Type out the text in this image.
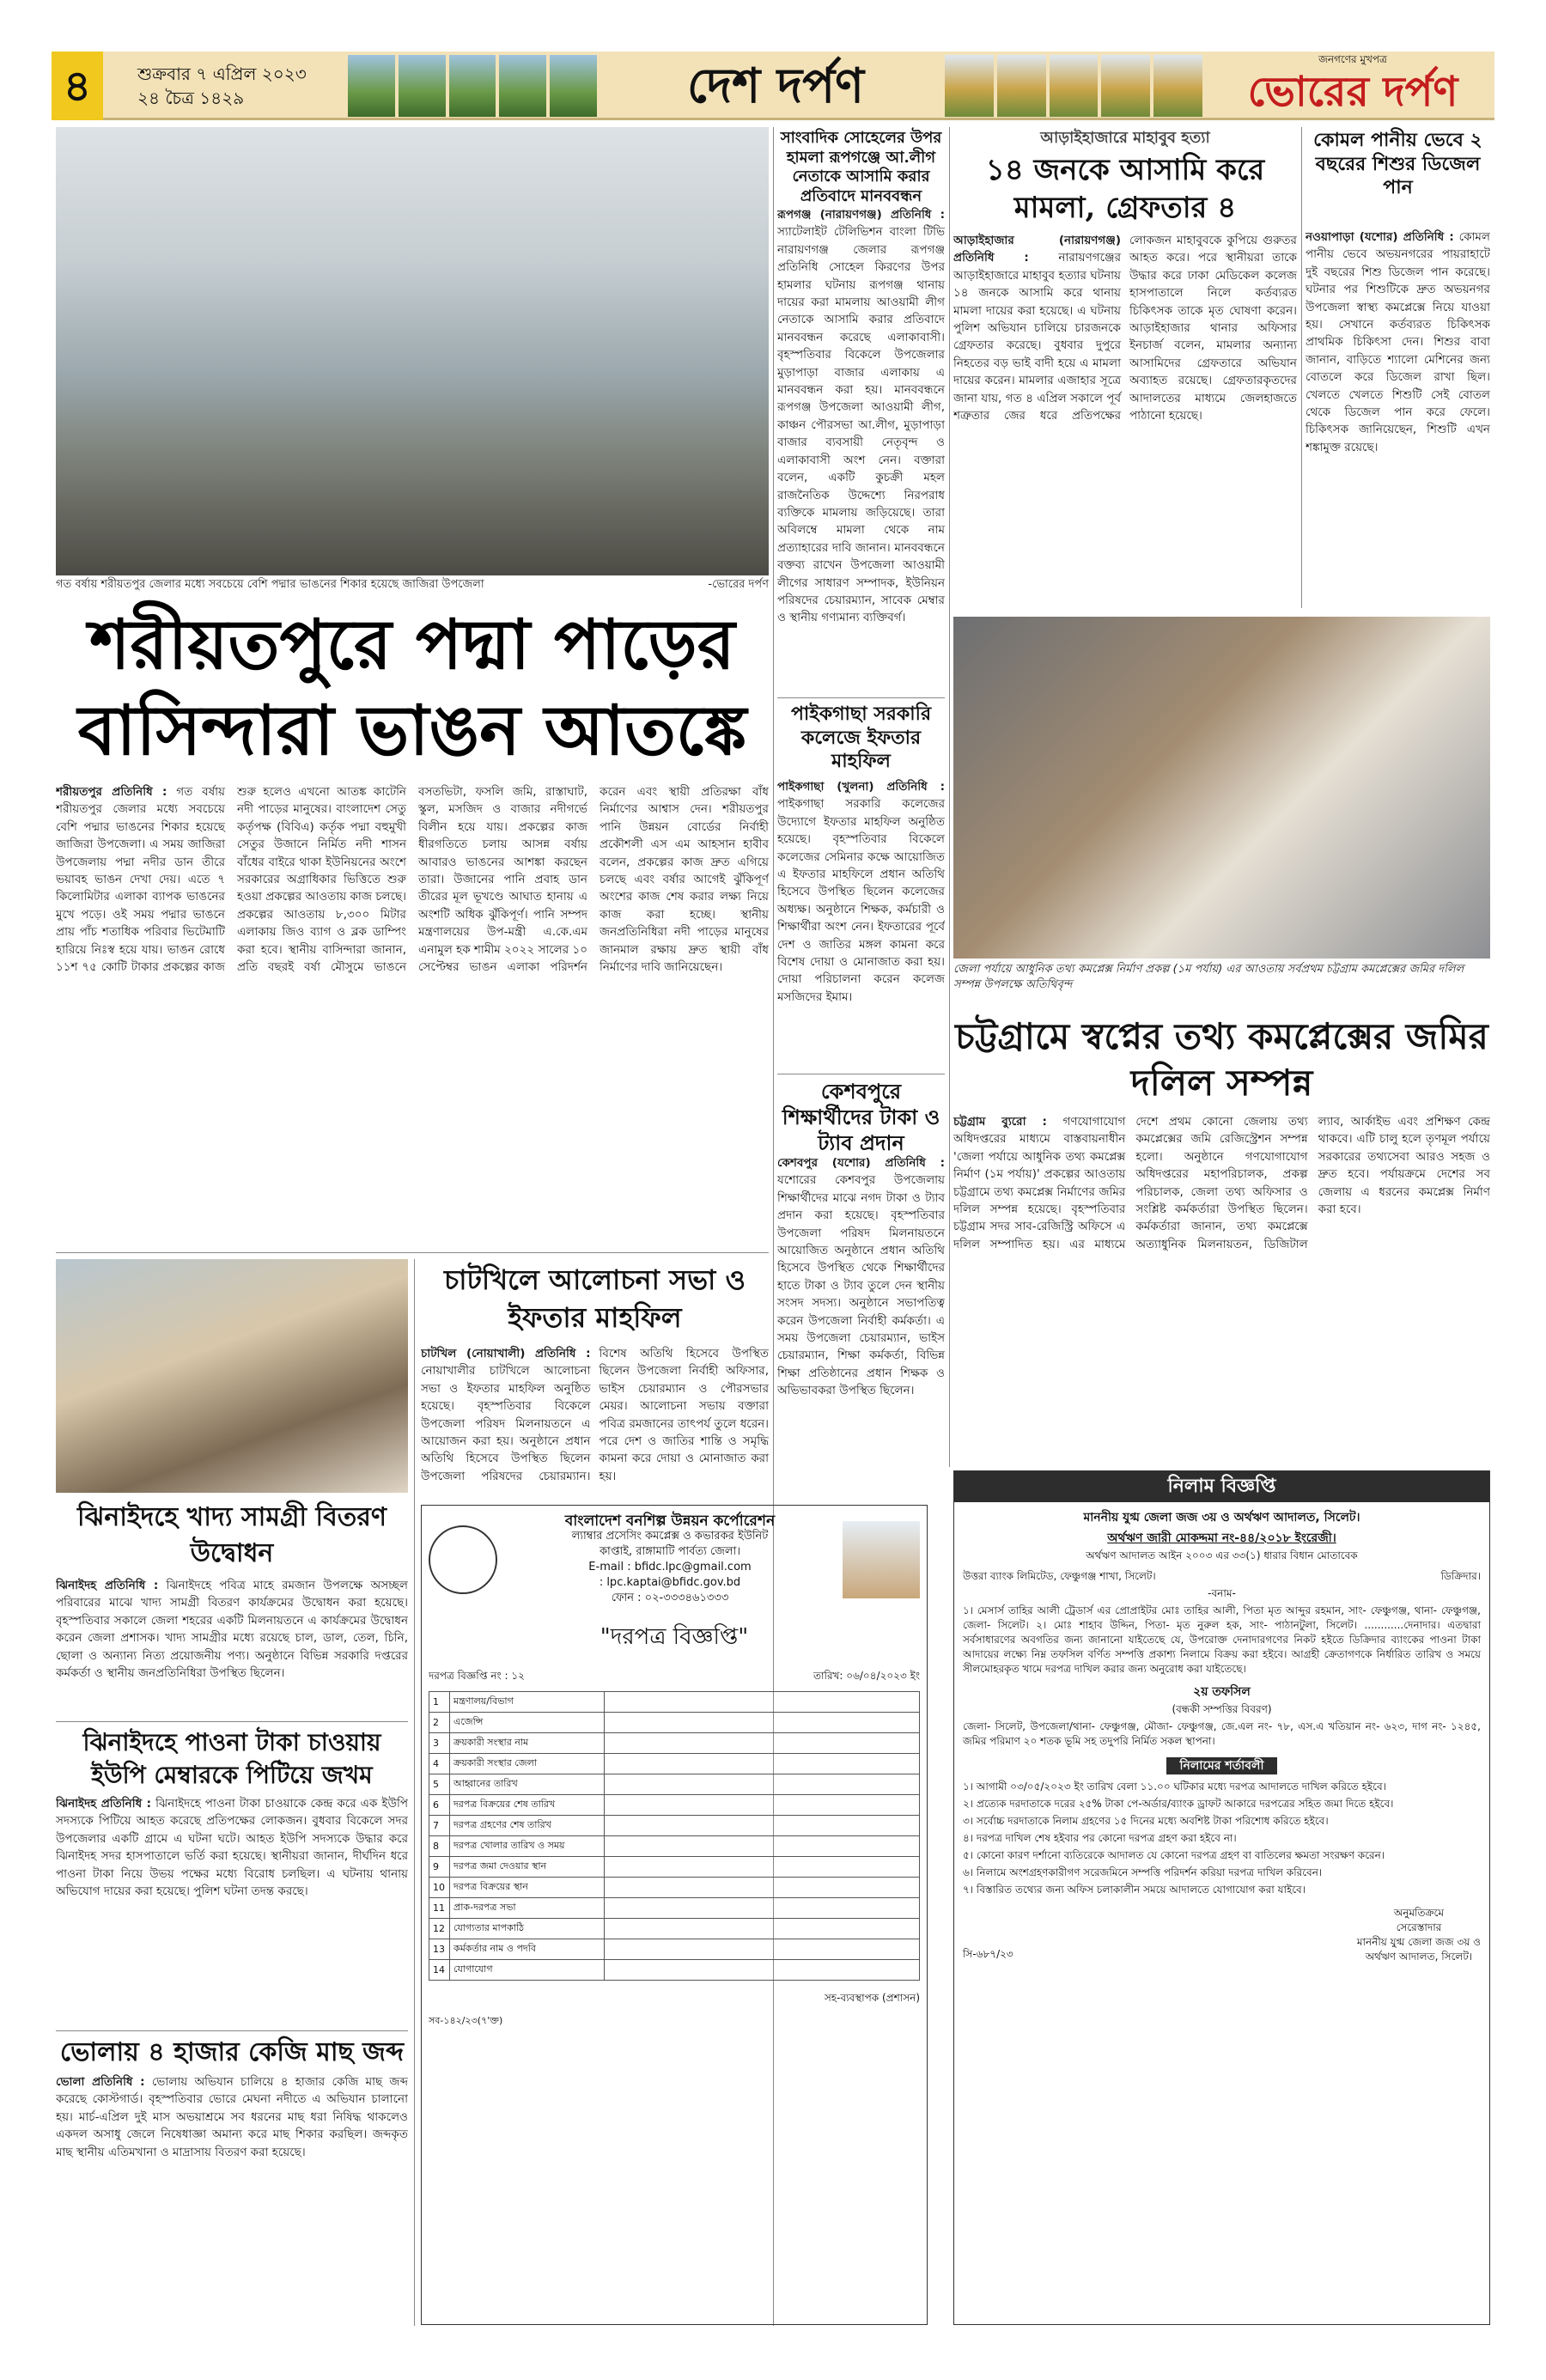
৪	শুক্রবার ৭ এপ্রিল ২০২৩
২৪ চৈত্র ১৪২৯	দেশ দর্পণ	জনগণের মুখপত্র
ভোরের দর্পণ
গত বর্ষায় শরীয়তপুর জেলার মধ্যে সবচেয়ে বেশি পদ্মার ভাঙনের শিকার হয়েছে জাজিরা উপজেলা	-ভোরের দর্পণ
শরীয়তপুরে পদ্মা পাড়ের
বাসিন্দারা ভাঙন আতঙ্কে
শরীয়তপুর প্রতিনিধি : গত বর্ষায় শরীয়তপুর জেলার মধ্যে সবচেয়ে বেশি পদ্মার ভাঙনের শিকার হয়েছে জাজিরা উপজেলা। এ সময় জাজিরা উপজেলায় পদ্মা নদীর ডান তীরে ভয়াবহ ভাঙন দেখা দেয়। এতে ৭ কিলোমিটার এলাকা ব্যাপক ভাঙনের মুখে পড়ে। ওই সময় পদ্মার ভাঙনে প্রায় পাঁচ শতাধিক পরিবার ভিটেমাটি হারিয়ে নিঃস্ব হয়ে যায়। ভাঙন রোধে ১১শ ৭৫ কোটি টাকার প্রকল্পের কাজ শুরু হলেও এখনো আতঙ্ক কাটেনি নদী পাড়ের মানুষের। বাংলাদেশ সেতু কর্তৃপক্ষ (বিবিএ) কর্তৃক পদ্মা বহুমুখী সেতুর উজানে নির্মিত নদী শাসন বাঁধের বাইরে থাকা ইউনিয়নের অংশে সরকারের অগ্রাধিকার ভিত্তিতে শুরু হওয়া প্রকল্পের আওতায় কাজ চলছে। প্রকল্পের আওতায় ৮,৩০০ মিটার এলাকায় জিও ব্যাগ ও ব্লক ডাম্পিং করা হবে। স্থানীয় বাসিন্দারা জানান, প্রতি বছরই বর্ষা মৌসুমে ভাঙনে বসতভিটা, ফসলি জমি, রাস্তাঘাট, স্কুল, মসজিদ ও বাজার নদীগর্ভে বিলীন হয়ে যায়। প্রকল্পের কাজ ধীরগতিতে চলায় আসন্ন বর্ষায় আবারও ভাঙনের আশঙ্কা করছেন তারা। উজানের পানি প্রবাহ ডান তীরের মূল ভূখণ্ডে আঘাত হানায় এ অংশটি অধিক ঝুঁকিপূর্ণ। পানি সম্পদ মন্ত্রণালয়ের উপ-মন্ত্রী এ.কে.এম এনামুল হক শামীম ২০২২ সালের ১০ সেপ্টেম্বর ভাঙন এলাকা পরিদর্শন করেন এবং স্থায়ী প্রতিরক্ষা বাঁধ নির্মাণের আশ্বাস দেন। শরীয়তপুর পানি উন্নয়ন বোর্ডের নির্বাহী প্রকৌশলী এস এম আহসান হাবীব বলেন, প্রকল্পের কাজ দ্রুত এগিয়ে চলছে এবং বর্ষার আগেই ঝুঁকিপূর্ণ অংশের কাজ শেষ করার লক্ষ্য নিয়ে কাজ করা হচ্ছে। স্থানীয় জনপ্রতিনিধিরা নদী পাড়ের মানুষের জানমাল রক্ষায় দ্রুত স্থায়ী বাঁধ নির্মাণের দাবি জানিয়েছেন।
সাংবাদিক সোহেলের উপর হামলা রূপগঞ্জে আ.লীগ নেতাকে আসামি করার প্রতিবাদে মানববন্ধন
রূপগঞ্জ (নারায়ণগঞ্জ) প্রতিনিধি : স্যাটেলাইট টেলিভিশন বাংলা টিভি নারায়ণগঞ্জ জেলার রূপগঞ্জ প্রতিনিধি সোহেল কিরণের উপর হামলার ঘটনায় রূপগঞ্জ থানায় দায়ের করা মামলায় আওয়ামী লীগ নেতাকে আসামি করার প্রতিবাদে মানববন্ধন করেছে এলাকাবাসী। বৃহস্পতিবার বিকেলে উপজেলার মুড়াপাড়া বাজার এলাকায় এ মানববন্ধন করা হয়। মানববন্ধনে রূপগঞ্জ উপজেলা আওয়ামী লীগ, কাঞ্চন পৌরসভা আ.লীগ, মুড়াপাড়া বাজার ব্যবসায়ী নেতৃবৃন্দ ও এলাকাবাসী অংশ নেন। বক্তারা বলেন, একটি কুচক্রী মহল রাজনৈতিক উদ্দেশ্যে নিরপরাধ ব্যক্তিকে মামলায় জড়িয়েছে। তারা অবিলম্বে মামলা থেকে নাম প্রত্যাহারের দাবি জানান। মানববন্ধনে বক্তব্য রাখেন উপজেলা আওয়ামী লীগের সাধারণ সম্পাদক, ইউনিয়ন পরিষদের চেয়ারম্যান, সাবেক মেম্বার ও স্থানীয় গণ্যমান্য ব্যক্তিবর্গ।
পাইকগাছা সরকারি কলেজে ইফতার মাহফিল
পাইকগাছা (খুলনা) প্রতিনিধি : পাইকগাছা সরকারি কলেজের উদ্যোগে ইফতার মাহফিল অনুষ্ঠিত হয়েছে। বৃহস্পতিবার বিকেলে কলেজের সেমিনার কক্ষে আয়োজিত এ ইফতার মাহফিলে প্রধান অতিথি হিসেবে উপস্থিত ছিলেন কলেজের অধ্যক্ষ। অনুষ্ঠানে শিক্ষক, কর্মচারী ও শিক্ষার্থীরা অংশ নেন। ইফতারের পূর্বে দেশ ও জাতির মঙ্গল কামনা করে বিশেষ দোয়া ও মোনাজাত করা হয়। দোয়া পরিচালনা করেন কলেজ মসজিদের ইমাম।
কেশবপুরে শিক্ষার্থীদের টাকা ও ট্যাব প্রদান
কেশবপুর (যশোর) প্রতিনিধি : যশোরের কেশবপুর উপজেলায় শিক্ষার্থীদের মাঝে নগদ টাকা ও ট্যাব প্রদান করা হয়েছে। বৃহস্পতিবার উপজেলা পরিষদ মিলনায়তনে আয়োজিত অনুষ্ঠানে প্রধান অতিথি হিসেবে উপস্থিত থেকে শিক্ষার্থীদের হাতে টাকা ও ট্যাব তুলে দেন স্থানীয় সংসদ সদস্য। অনুষ্ঠানে সভাপতিত্ব করেন উপজেলা নির্বাহী কর্মকর্তা। এ সময় উপজেলা চেয়ারম্যান, ভাইস চেয়ারম্যান, শিক্ষা কর্মকর্তা, বিভিন্ন শিক্ষা প্রতিষ্ঠানের প্রধান শিক্ষক ও অভিভাবকরা উপস্থিত ছিলেন।
আড়াইহাজারে মাহাবুব হত্যা
১৪ জনকে আসামি করে মামলা, গ্রেফতার ৪
আড়াইহাজার (নারায়ণগঞ্জ) প্রতিনিধি :	নারায়ণগঞ্জের আড়াইহাজারে মাহাবুব হত্যার ঘটনায় ১৪ জনকে আসামি করে থানায় মামলা দায়ের করা হয়েছে। এ ঘটনায় পুলিশ অভিযান চালিয়ে চারজনকে গ্রেফতার করেছে। বুধবার দুপুরে নিহতের বড় ভাই বাদী হয়ে এ মামলা দায়ের করেন। মামলার এজাহার সূত্রে জানা যায়, গত ৪ এপ্রিল সকালে পূর্ব শত্রুতার জের ধরে প্রতিপক্ষের লোকজন মাহাবুবকে কুপিয়ে গুরুতর আহত করে। পরে স্থানীয়রা তাকে উদ্ধার করে ঢাকা মেডিকেল কলেজ হাসপাতালে নিলে কর্তব্যরত চিকিৎসক তাকে মৃত ঘোষণা করেন। আড়াইহাজার থানার অফিসার ইনচার্জ বলেন, মামলার অন্যান্য আসামিদের গ্রেফতারে অভিযান অব্যাহত রয়েছে। গ্রেফতারকৃতদের আদালতের মাধ্যমে জেলহাজতে পাঠানো হয়েছে।
কোমল পানীয় ভেবে ২ বছরের শিশুর ডিজেল পান
নওয়াপাড়া (যশোর) প্রতিনিধি : কোমল পানীয় ভেবে অভয়নগরের পায়রাহাটে দুই বছরের শিশু ডিজেল পান করেছে। ঘটনার পর শিশুটিকে দ্রুত অভয়নগর উপজেলা স্বাস্থ্য কমপ্লেক্সে নিয়ে যাওয়া হয়। সেখানে কর্তব্যরত চিকিৎসক প্রাথমিক চিকিৎসা দেন। শিশুর বাবা জানান, বাড়িতে শ্যালো মেশিনের জন্য বোতলে করে ডিজেল রাখা ছিল। খেলতে খেলতে শিশুটি সেই বোতল থেকে ডিজেল পান করে ফেলে। চিকিৎসক জানিয়েছেন, শিশুটি এখন শঙ্কামুক্ত রয়েছে।
জেলা পর্যায়ে আধুনিক তথ্য কমপ্লেক্স নির্মাণ প্রকল্প (১ম পর্যায়) এর আওতায় সর্বপ্রথম চট্টগ্রাম কমপ্লেক্সের জমির দলিল সম্পন্ন উপলক্ষে অতিথিবৃন্দ
চট্টগ্রামে স্বপ্নের তথ্য কমপ্লেক্সের জমির দলিল সম্পন্ন
চট্টগ্রাম ব্যুরো : গণযোগাযোগ অধিদপ্তরের মাধ্যমে বাস্তবায়নাধীন 'জেলা পর্যায়ে আধুনিক তথ্য কমপ্লেক্স নির্মাণ (১ম পর্যায়)' প্রকল্পের আওতায় চট্টগ্রামে তথ্য কমপ্লেক্স নির্মাণের জমির দলিল সম্পন্ন হয়েছে। বৃহস্পতিবার চট্টগ্রাম সদর সাব-রেজিস্ট্রি অফিসে এ দলিল সম্পাদিত হয়। এর মাধ্যমে দেশে প্রথম কোনো জেলায় তথ্য কমপ্লেক্সের জমি রেজিস্ট্রেশন সম্পন্ন হলো। অনুষ্ঠানে গণযোগাযোগ অধিদপ্তরের মহাপরিচালক, প্রকল্প পরিচালক, জেলা তথ্য অফিসার ও সংশ্লিষ্ট কর্মকর্তারা উপস্থিত ছিলেন। কর্মকর্তারা জানান, তথ্য কমপ্লেক্সে অত্যাধুনিক মিলনায়তন, ডিজিটাল ল্যাব, আর্কাইভ এবং প্রশিক্ষণ কেন্দ্র থাকবে। এটি চালু হলে তৃণমূল পর্যায়ে সরকারের তথ্যসেবা আরও সহজ ও দ্রুত হবে। পর্যায়ক্রমে দেশের সব জেলায় এ ধরনের কমপ্লেক্স নির্মাণ করা হবে।
চাটখিলে আলোচনা সভা ও ইফতার মাহফিল
চাটখিল (নোয়াখালী) প্রতিনিধি : নোয়াখালীর চাটখিলে আলোচনা সভা ও ইফতার মাহফিল অনুষ্ঠিত হয়েছে। বৃহস্পতিবার বিকেলে উপজেলা পরিষদ মিলনায়তনে এ আয়োজন করা হয়। অনুষ্ঠানে প্রধান অতিথি হিসেবে উপস্থিত ছিলেন উপজেলা পরিষদের চেয়ারম্যান। বিশেষ অতিথি হিসেবে উপস্থিত ছিলেন উপজেলা নির্বাহী অফিসার, ভাইস চেয়ারম্যান ও পৌরসভার মেয়র। আলোচনা সভায় বক্তারা পবিত্র রমজানের তাৎপর্য তুলে ধরেন। পরে দেশ ও জাতির শান্তি ও সমৃদ্ধি কামনা করে দোয়া ও মোনাজাত করা হয়।
ঝিনাইদহে খাদ্য সামগ্রী বিতরণ উদ্বোধন
ঝিনাইদহ প্রতিনিধি : ঝিনাইদহে পবিত্র মাহে রমজান উপলক্ষে অসচ্ছল পরিবারের মাঝে খাদ্য সামগ্রী বিতরণ কার্যক্রমের উদ্বোধন করা হয়েছে। বৃহস্পতিবার সকালে জেলা শহরের একটি মিলনায়তনে এ কার্যক্রমের উদ্বোধন করেন জেলা প্রশাসক। খাদ্য সামগ্রীর মধ্যে রয়েছে চাল, ডাল, তেল, চিনি, ছোলা ও অন্যান্য নিত্য প্রয়োজনীয় পণ্য। অনুষ্ঠানে বিভিন্ন সরকারি দপ্তরের কর্মকর্তা ও স্থানীয় জনপ্রতিনিধিরা উপস্থিত ছিলেন।
ঝিনাইদহে পাওনা টাকা চাওয়ায় ইউপি মেম্বারকে পিটিয়ে জখম
ঝিনাইদহ প্রতিনিধি : ঝিনাইদহে পাওনা টাকা চাওয়াকে কেন্দ্র করে এক ইউপি সদস্যকে পিটিয়ে আহত করেছে প্রতিপক্ষের লোকজন। বুধবার বিকেলে সদর উপজেলার একটি গ্রামে এ ঘটনা ঘটে। আহত ইউপি সদস্যকে উদ্ধার করে ঝিনাইদহ সদর হাসপাতালে ভর্তি করা হয়েছে। স্থানীয়রা জানান, দীর্ঘদিন ধরে পাওনা টাকা নিয়ে উভয় পক্ষের মধ্যে বিরোধ চলছিল। এ ঘটনায় থানায় অভিযোগ দায়ের করা হয়েছে। পুলিশ ঘটনা তদন্ত করছে।
ভোলায় ৪ হাজার কেজি মাছ জব্দ
ভোলা প্রতিনিধি : ভোলায় অভিযান চালিয়ে ৪ হাজার কেজি মাছ জব্দ করেছে কোস্টগার্ড। বৃহস্পতিবার ভোরে মেঘনা নদীতে এ অভিযান চালানো হয়। মার্চ-এপ্রিল দুই মাস অভয়াশ্রমে সব ধরনের মাছ ধরা নিষিদ্ধ থাকলেও একদল অসাধু জেলে নিষেধাজ্ঞা অমান্য করে মাছ শিকার করছিল। জব্দকৃত মাছ স্থানীয় এতিমখানা ও মাদ্রাসায় বিতরণ করা হয়েছে।
বাংলাদেশ বনশিল্প উন্নয়ন কর্পোরেশন
ল্যাম্বার প্রসেসিং কমপ্লেক্স ও কভারকর ইউনিট
কাপ্তাই, রাঙ্গামাটি পার্বত্য জেলা।
E-mail : bfidc.lpc@gmail.com
: lpc.kaptai@bfidc.gov.bd
ফোন : ০২-৩৩৩৪৬১৩৩৩
"দরপত্র বিজ্ঞপ্তি"
দরপত্র বিজ্ঞপ্তি নং : ১২	তারিখ: ০৬/০৪/২০২৩ ইং
1	মন্ত্রণালয়/বিভাগ	
2	এজেন্সি	
3	ক্রয়কারী সংস্থার নাম	
4	ক্রয়কারী সংস্থার জেলা	
5	আহ্বানের তারিখ	
6	দরপত্র বিক্রয়ের শেষ তারিখ	
7	দরপত্র গ্রহণের শেষ তারিখ	
8	দরপত্র খোলার তারিখ ও সময়	
9	দরপত্র জমা দেওয়ার স্থান	
10	দরপত্র বিক্রয়ের স্থান	
11	প্রাক-দরপত্র সভা	
12	যোগ্যতার মাপকাঠি	
13	কর্মকর্তার নাম ও পদবি	
14	যোগাযোগ	
সহ-ব্যবস্থাপক (প্রশাসন)
সব-১৪২/২৩(৭'ক্ত)
নিলাম বিজ্ঞপ্তি
মাননীয় যুগ্ম জেলা জজ ৩য় ও অর্থঋণ আদালত, সিলেট।
অর্থঋণ জারী মোকদ্দমা নং-৪৪/২০১৮ ইংরেজী।
অর্থঋণ আদালত আইন ২০০৩ এর ৩৩(১) ধারার বিধান মোতাবেক
উত্তরা ব্যাংক লিমিটেড, ফেঞ্চুগঞ্জ শাখা, সিলেট।	ডিক্রিদার।
-বনাম-
১। মেসার্স তাহির আলী ট্রেডার্স এর প্রোপ্রাইটর মোঃ তাহির আলী, পিতা মৃত আব্দুর রহমান, সাং- ফেঞ্চুগঞ্জ, থানা- ফেঞ্চুগঞ্জ, জেলা- সিলেট। ২। মোঃ শাহাব উদ্দিন, পিতা- মৃত নুরুল হক, সাং- পাঠানটুলা, সিলেট। ............দেনাদার। এতদ্বারা সর্বসাধারণের অবগতির জন্য জানানো যাইতেছে যে, উপরোক্ত দেনাদারগণের নিকট হইতে ডিক্রিদার ব্যাংকের পাওনা টাকা আদায়ের লক্ষ্যে নিম্ন তফসিল বর্ণিত সম্পত্তি প্রকাশ্য নিলামে বিক্রয় করা হইবে। আগ্রহী ক্রেতাগণকে নির্ধারিত তারিখ ও সময়ে সীলমোহরকৃত খামে দরপত্র দাখিল করার জন্য অনুরোধ করা যাইতেছে।
২য় তফসিল
(বন্ধকী সম্পত্তির বিবরণ)
জেলা- সিলেট, উপজেলা/থানা- ফেঞ্চুগঞ্জ, মৌজা- ফেঞ্চুগঞ্জ, জে.এল নং- ৭৮, এস.এ খতিয়ান নং- ৬২৩, দাগ নং- ১২৪৫, জমির পরিমাণ ২০ শতক ভূমি সহ তদুপরি নির্মিত সকল স্থাপনা।
নিলামের শর্তাবলী
১। আগামী ০৩/০৫/২০২৩ ইং তারিখ বেলা ১১.০০ ঘটিকার মধ্যে দরপত্র আদালতে দাখিল করিতে হইবে।
২। প্রত্যেক দরদাতাকে দরের ২৫% টাকা পে-অর্ডার/ব্যাংক ড্রাফট আকারে দরপত্রের সহিত জমা দিতে হইবে।
৩। সর্বোচ্চ দরদাতাকে নিলাম গ্রহণের ১৫ দিনের মধ্যে অবশিষ্ট টাকা পরিশোধ করিতে হইবে।
৪। দরপত্র দাখিল শেষ হইবার পর কোনো দরপত্র গ্রহণ করা হইবে না।
৫। কোনো কারণ দর্শানো ব্যতিরেকে আদালত যে কোনো দরপত্র গ্রহণ বা বাতিলের ক্ষমতা সংরক্ষণ করেন।
৬। নিলামে অংশগ্রহণকারীগণ সরেজমিনে সম্পত্তি পরিদর্শন করিয়া দরপত্র দাখিল করিবেন।
৭। বিস্তারিত তথ্যের জন্য অফিস চলাকালীন সময়ে আদালতে যোগাযোগ করা যাইবে।
সি-৬৮৭/২৩
অনুমতিক্রমে
সেরেস্তাদার
মাননীয় যুগ্ম জেলা জজ ৩য় ও
অর্থঋণ আদালত, সিলেট।
